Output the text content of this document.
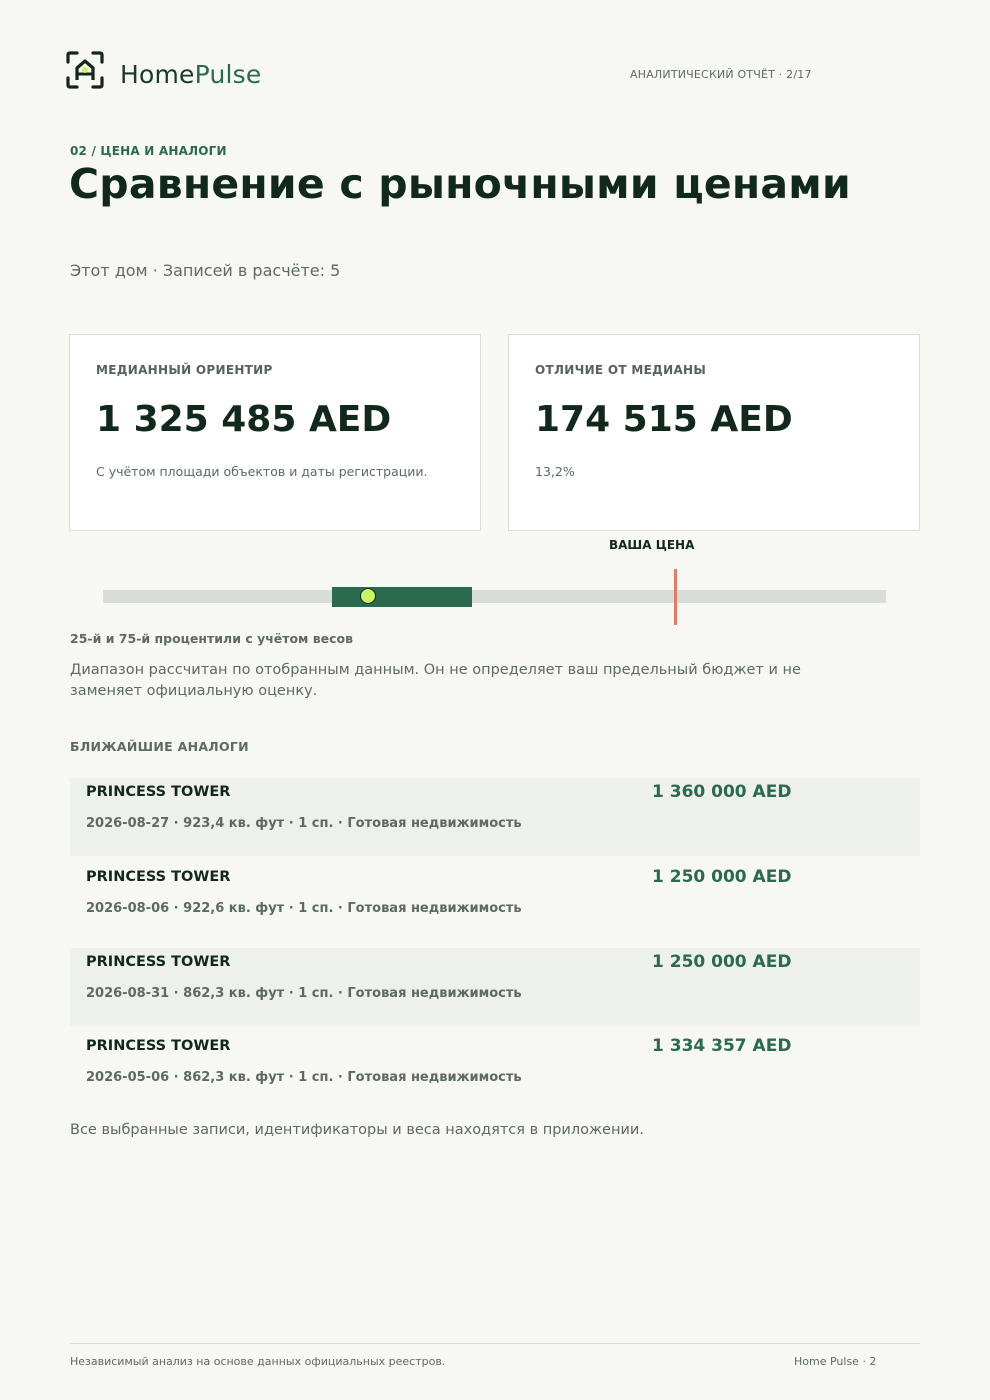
HomePulse	АНАЛИТИЧЕСКИЙ ОТЧЁТ · 2/17
02 / ЦЕНА И АНАЛОГИ
Сравнение с рыночными ценами
Этот дом · Записей в расчёте: 5
МЕДИАННЫЙ ОРИЕНТИР
1 325 485 AED
С учётом площади объектов и даты регистрации.
ОТЛИЧИЕ ОТ МЕДИАНЫ
174 515 AED
13,2%
ВАША ЦЕНА
25-й и 75-й процентили с учётом весов
Диапазон рассчитан по отобранным данным. Он не определяет ваш предельный бюджет и не заменяет официальную оценку.
БЛИЖАЙШИЕ АНАЛОГИ
PRINCESS TOWER
2026-08-27 · 923,4 кв. фут · 1 сп. · Готовая недвижимость
1 360 000 AED
PRINCESS TOWER
2026-08-06 · 922,6 кв. фут · 1 сп. · Готовая недвижимость
1 250 000 AED
PRINCESS TOWER
2026-08-31 · 862,3 кв. фут · 1 сп. · Готовая недвижимость
1 250 000 AED
PRINCESS TOWER
2026-05-06 · 862,3 кв. фут · 1 сп. · Готовая недвижимость
1 334 357 AED
Все выбранные записи, идентификаторы и веса находятся в приложении.
Независимый анализ на основе данных официальных реестров.	Home Pulse · 2
